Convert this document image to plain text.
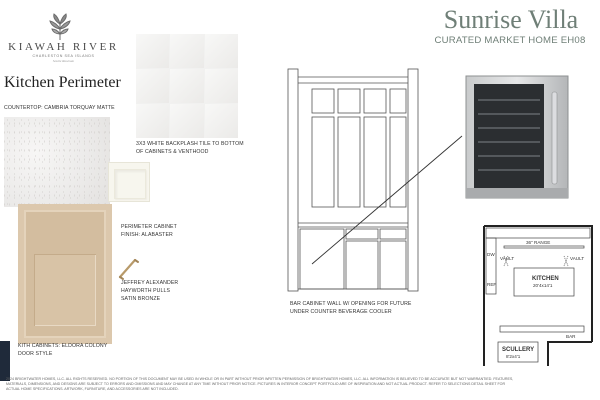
KIAWAH RIVER
CHARLESTON SEA ISLANDS
Soutie Rawman
Kitchen Perimeter
COUNTERTOP: CAMBRIA TORQUAY MATTE
3X3 WHITE BACKPLASH TILE TO BOTTOM
OF CABINETS & VENTHOOD
PERIMETER CABINET
FINISH: ALABASTER
KITH CABINETS: ELDORA COLONY
DOOR STYLE
JEFFREY ALEXANDER
HAYWORTH PULLS
SATIN BRONZE
Sunrise Villa
CURATED MARKET HOME EH08
BAR CABINET WALL W/ OPENING FOR FUTURE
UNDER COUNTER BEVERAGE COOLER
36" RANGE
VAULT	VAULT
KITCHEN
20'4x14'1
BAR
SCULLERY
8'2x4'1
DW
REF
2024 BRIGHTWATER HOMES, LLC. ALL RIGHTS RESERVED. NO PORTION OF THIS DOCUMENT MAY BE USED IN WHOLE OR IN PART WITHOUT PRIOR WRITTEN PERMISSION OF BRIGHTWATER HOMES, LLC. ALL INFORMATION IS BELIEVED TO BE ACCURATE BUT NOT WARRANTIED. FEATURES,
MATERIALS, DIMENSIONS, AND DESIGNS ARE SUBJECT TO ERRORS AND OMISSIONS AND MAY CHANGE AT ANY TIME WITHOUT PRIOR NOTICE. PICTURES IN INTERIOR CONCEPT PORTFOLIO ARE OF INSPIRATION AND NOT ACTUAL PRODUCT. REFER TO SELECTIONS DETAIL SHEET FOR
ACTUAL HOME SPECIFICATIONS. ARTWORK, FURNITURE, AND ACCESSORIES ARE NOT INCLUDED.
